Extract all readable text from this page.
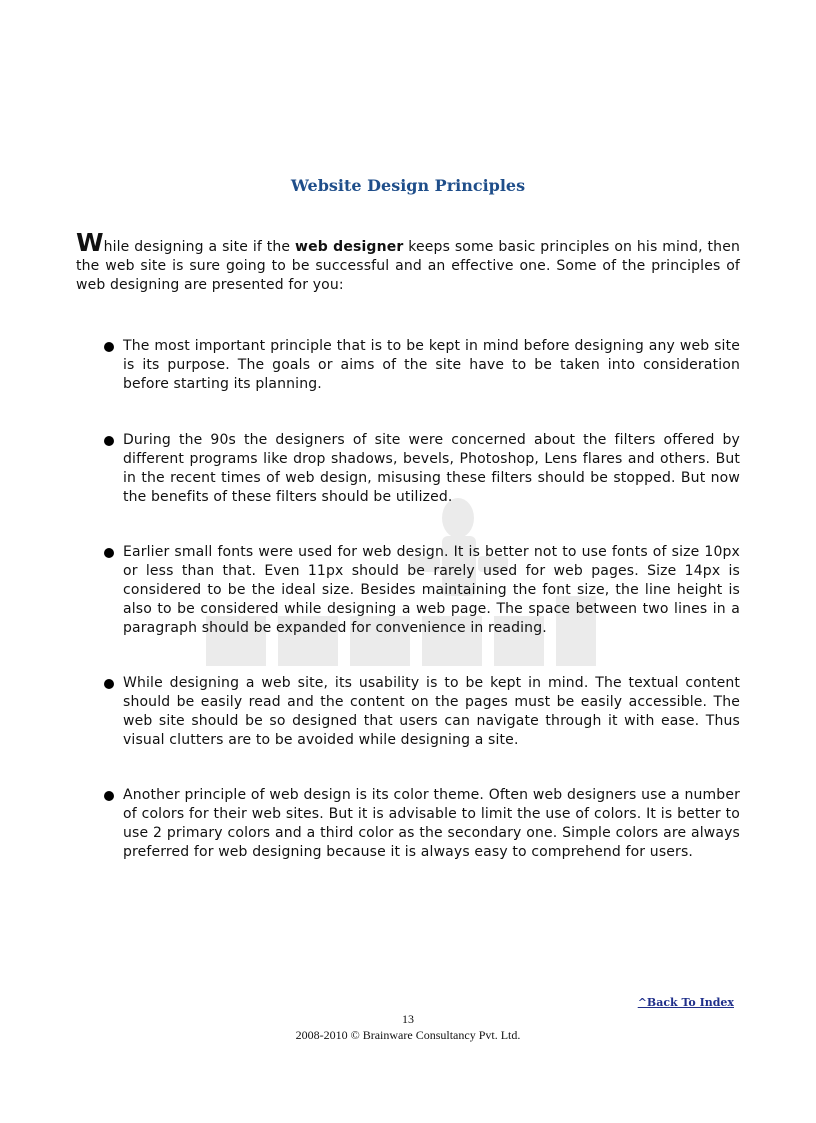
Website Design Principles

While designing a site if the web designer keeps some basic principles on his mind, then the web site is sure going to be successful and an effective one. Some of the principles of web designing are presented for you:

The most important principle that is to be kept in mind before designing any web site is its purpose. The goals or aims of the site have to be taken into consideration before starting its planning.
During the 90s the designers of site were concerned about the filters offered by different programs like drop shadows, bevels, Photoshop, Lens flares and others. But in the recent times of web design, misusing these filters should be stopped. But now the benefits of these filters should be utilized.
Earlier small fonts were used for web design. It is better not to use fonts of size 10px or less than that. Even 11px should be rarely used for web pages. Size 14px is considered to be the ideal size. Besides maintaining the font size, the line height is also to be considered while designing a web page. The space between two lines in a paragraph should be expanded for convenience in reading.
While designing a web site, its usability is to be kept in mind. The textual content should be easily read and the content on the pages must be easily accessible. The web site should be so designed that users can navigate through it with ease. Thus visual clutters are to be avoided while designing a site.
Another principle of web design is its color theme. Often web designers use a number of colors for their web sites. But it is advisable to limit the use of colors. It is better to use 2 primary colors and a third color as the secondary one. Simple colors are always preferred for web designing because it is always easy to comprehend for users.
^Back To Index
13
2008-2010 © Brainware Consultancy Pvt. Ltd.
